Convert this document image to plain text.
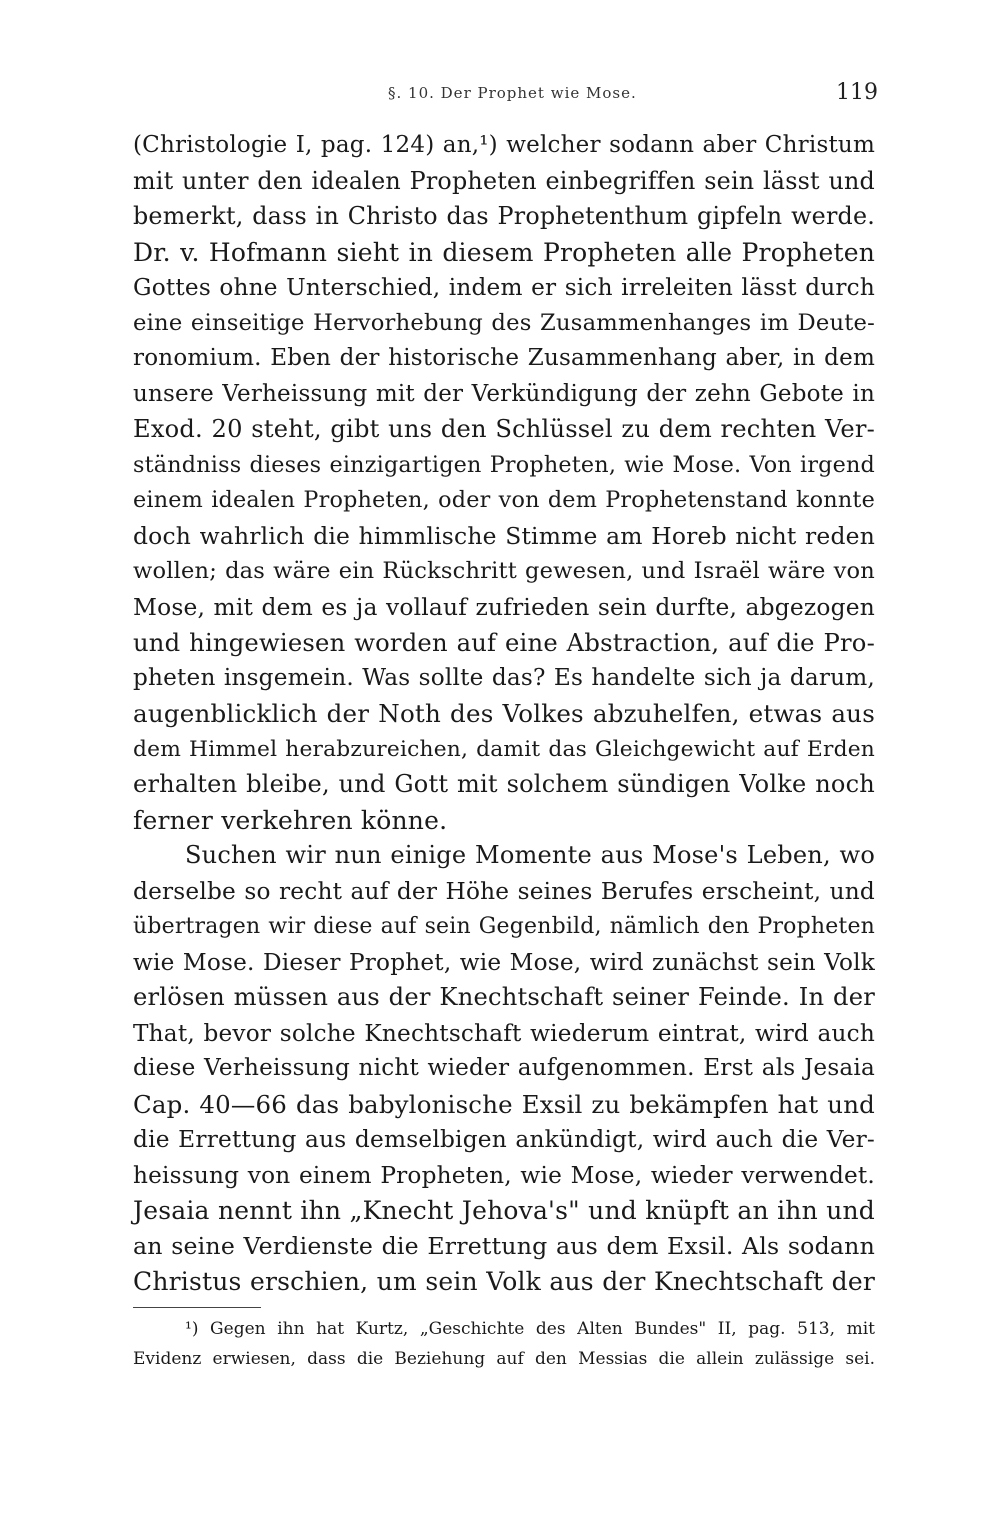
§. 10. Der Prophet wie Mose.	119
(Christologie I, pag. 124) an,¹) welcher sodann aber Christum
mit unter den idealen Propheten einbegriffen sein lässt und
bemerkt, dass in Christo das Prophetenthum gipfeln werde.
Dr. v. Hofmann sieht in diesem Propheten alle Propheten
Gottes ohne Unterschied, indem er sich irreleiten lässt durch
eine einseitige Hervorhebung des Zusammenhanges im Deute-
ronomium. Eben der historische Zusammenhang aber, in dem
unsere Verheissung mit der Verkündigung der zehn Gebote in
Exod. 20 steht, gibt uns den Schlüssel zu dem rechten Ver-
ständniss dieses einzigartigen Propheten, wie Mose. Von irgend
einem idealen Propheten, oder von dem Prophetenstand konnte
doch wahrlich die himmlische Stimme am Horeb nicht reden
wollen; das wäre ein Rückschritt gewesen, und Israël wäre von
Mose, mit dem es ja vollauf zufrieden sein durfte, abgezogen
und hingewiesen worden auf eine Abstraction, auf die Pro-
pheten insgemein. Was sollte das? Es handelte sich ja darum,
augenblicklich der Noth des Volkes abzuhelfen, etwas aus
dem Himmel herabzureichen, damit das Gleichgewicht auf Erden
erhalten bleibe, und Gott mit solchem sündigen Volke noch
ferner verkehren könne.
Suchen wir nun einige Momente aus Mose's Leben, wo
derselbe so recht auf der Höhe seines Berufes erscheint, und
übertragen wir diese auf sein Gegenbild, nämlich den Propheten
wie Mose. Dieser Prophet, wie Mose, wird zunächst sein Volk
erlösen müssen aus der Knechtschaft seiner Feinde. In der
That, bevor solche Knechtschaft wiederum eintrat, wird auch
diese Verheissung nicht wieder aufgenommen. Erst als Jesaia
Cap. 40—66 das babylonische Exsil zu bekämpfen hat und
die Errettung aus demselbigen ankündigt, wird auch die Ver-
heissung von einem Propheten, wie Mose, wieder verwendet.
Jesaia nennt ihn „Knecht Jehova's" und knüpft an ihn und
an seine Verdienste die Errettung aus dem Exsil. Als sodann
Christus erschien, um sein Volk aus der Knechtschaft der
¹) Gegen ihn hat Kurtz, „Geschichte des Alten Bundes" II, pag. 513, mit
Evidenz erwiesen, dass die Beziehung auf den Messias die allein zulässige sei.
